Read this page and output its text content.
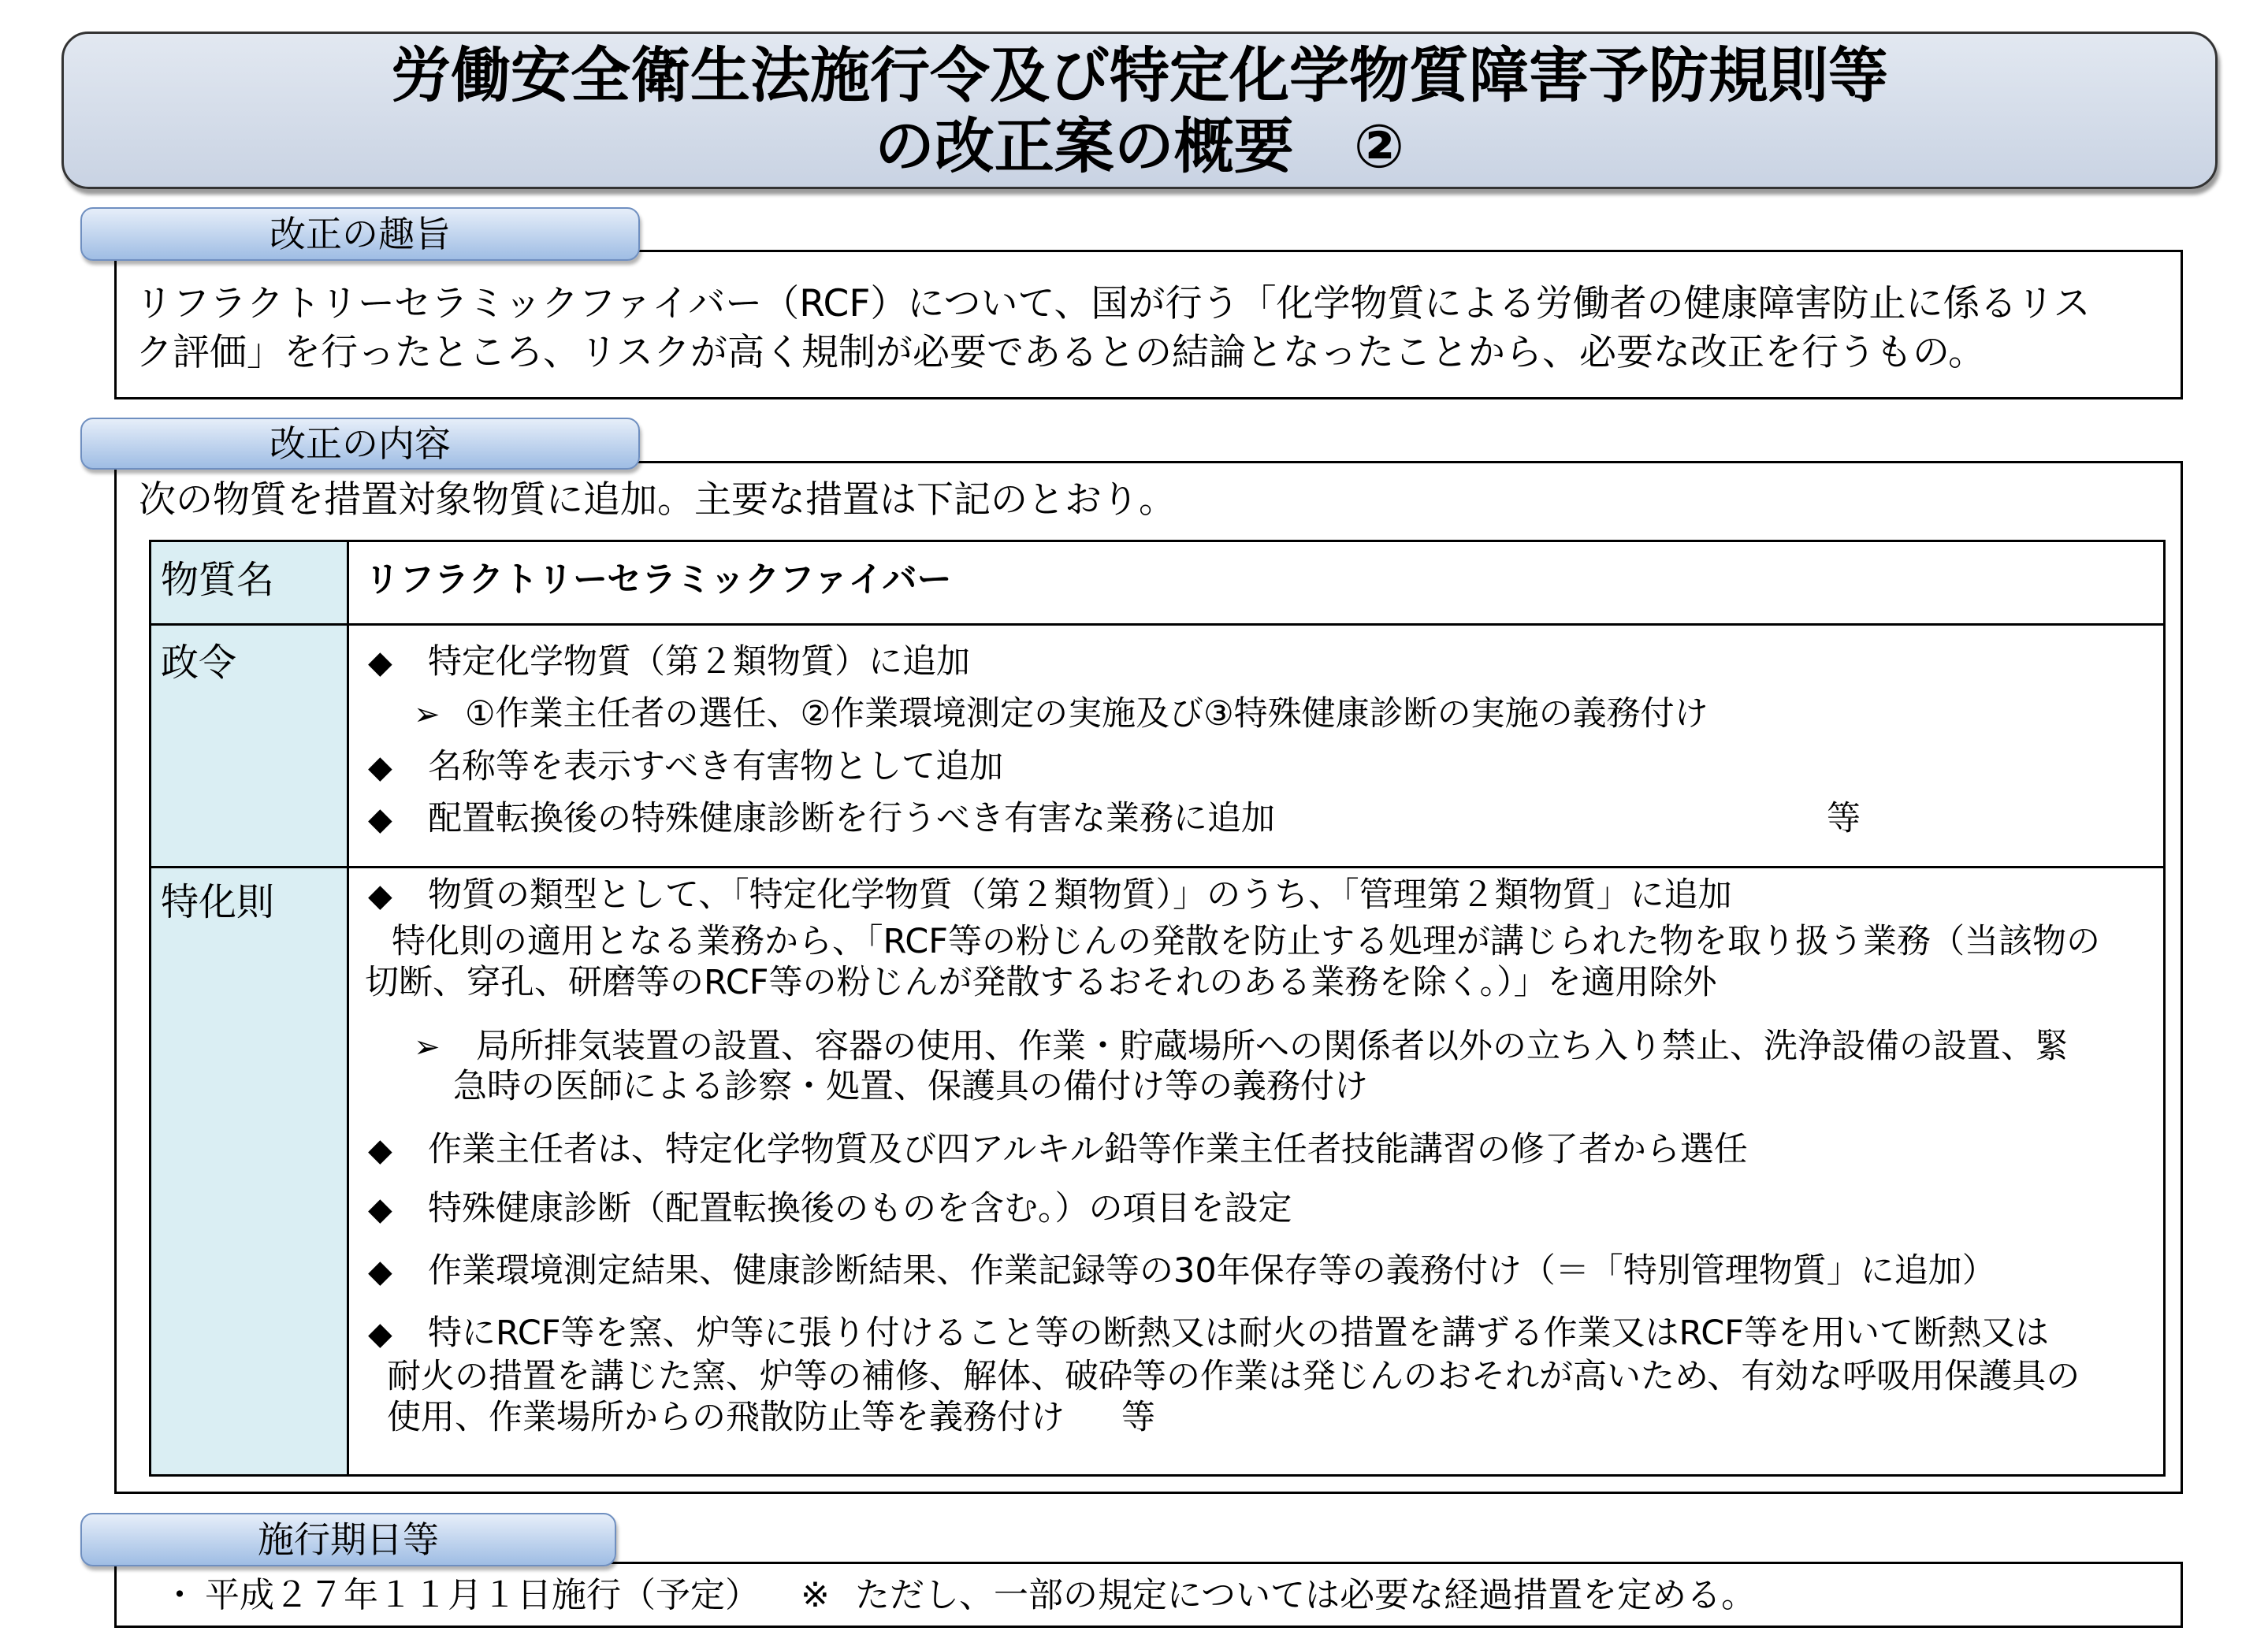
労働安全衛生法施行令及び特定化学物質障害予防規則等
の改正案の概要　②
改正の趣旨
リフラクトリーセラミックファイバー（RCF）について、国が行う「化学物質による労働者の健康障害防止に係るリス
ク評価」を行ったところ、リスクが高く規制が必要であるとの結論となったことから、必要な改正を行うもの。
改正の内容
次の物質を措置対象物質に追加。主要な措置は下記のとおり。
物質名	リフラクトリーセラミックファイバー
政令	◆ 特定化学物質（第２類物質）に追加
➢ ①作業主任者の選任、②作業環境測定の実施及び③特殊健康診断の実施の義務付け
◆ 名称等を表示すべき有害物として追加
◆ 配置転換後の特殊健康診断を行うべき有害な業務に追加	等
特化則	◆ 物質の類型として、「特定化学物質（第２類物質）」のうち、「管理第２類物質」に追加
特化則の適用となる業務から、「RCF等の粉じんの発散を防止する処理が講じられた物を取り扱う業務（当該物の
切断、穿孔、研磨等のRCF等の粉じんが発散するおそれのある業務を除く。）」を適用除外
➢ 局所排気装置の設置、容器の使用、作業・貯蔵場所への関係者以外の立ち入り禁止、洗浄設備の設置、緊
急時の医師による診察・処置、保護具の備付け等の義務付け
◆ 作業主任者は、特定化学物質及び四アルキル鉛等作業主任者技能講習の修了者から選任
◆ 特殊健康診断（配置転換後のものを含む。）の項目を設定
◆ 作業環境測定結果、健康診断結果、作業記録等の30年保存等の義務付け（＝「特別管理物質」に追加）
◆ 特にRCF等を窯、炉等に張り付けること等の断熱又は耐火の措置を講ずる作業又はRCF等を用いて断熱又は
耐火の措置を講じた窯、炉等の補修、解体、破砕等の作業は発じんのおそれが高いため、有効な呼吸用保護具の
使用、作業場所からの飛散防止等を義務付け 等
施行期日等
・ 平成２７年１１月１日施行（予定） ※ ただし、一部の規定については必要な経過措置を定める。
